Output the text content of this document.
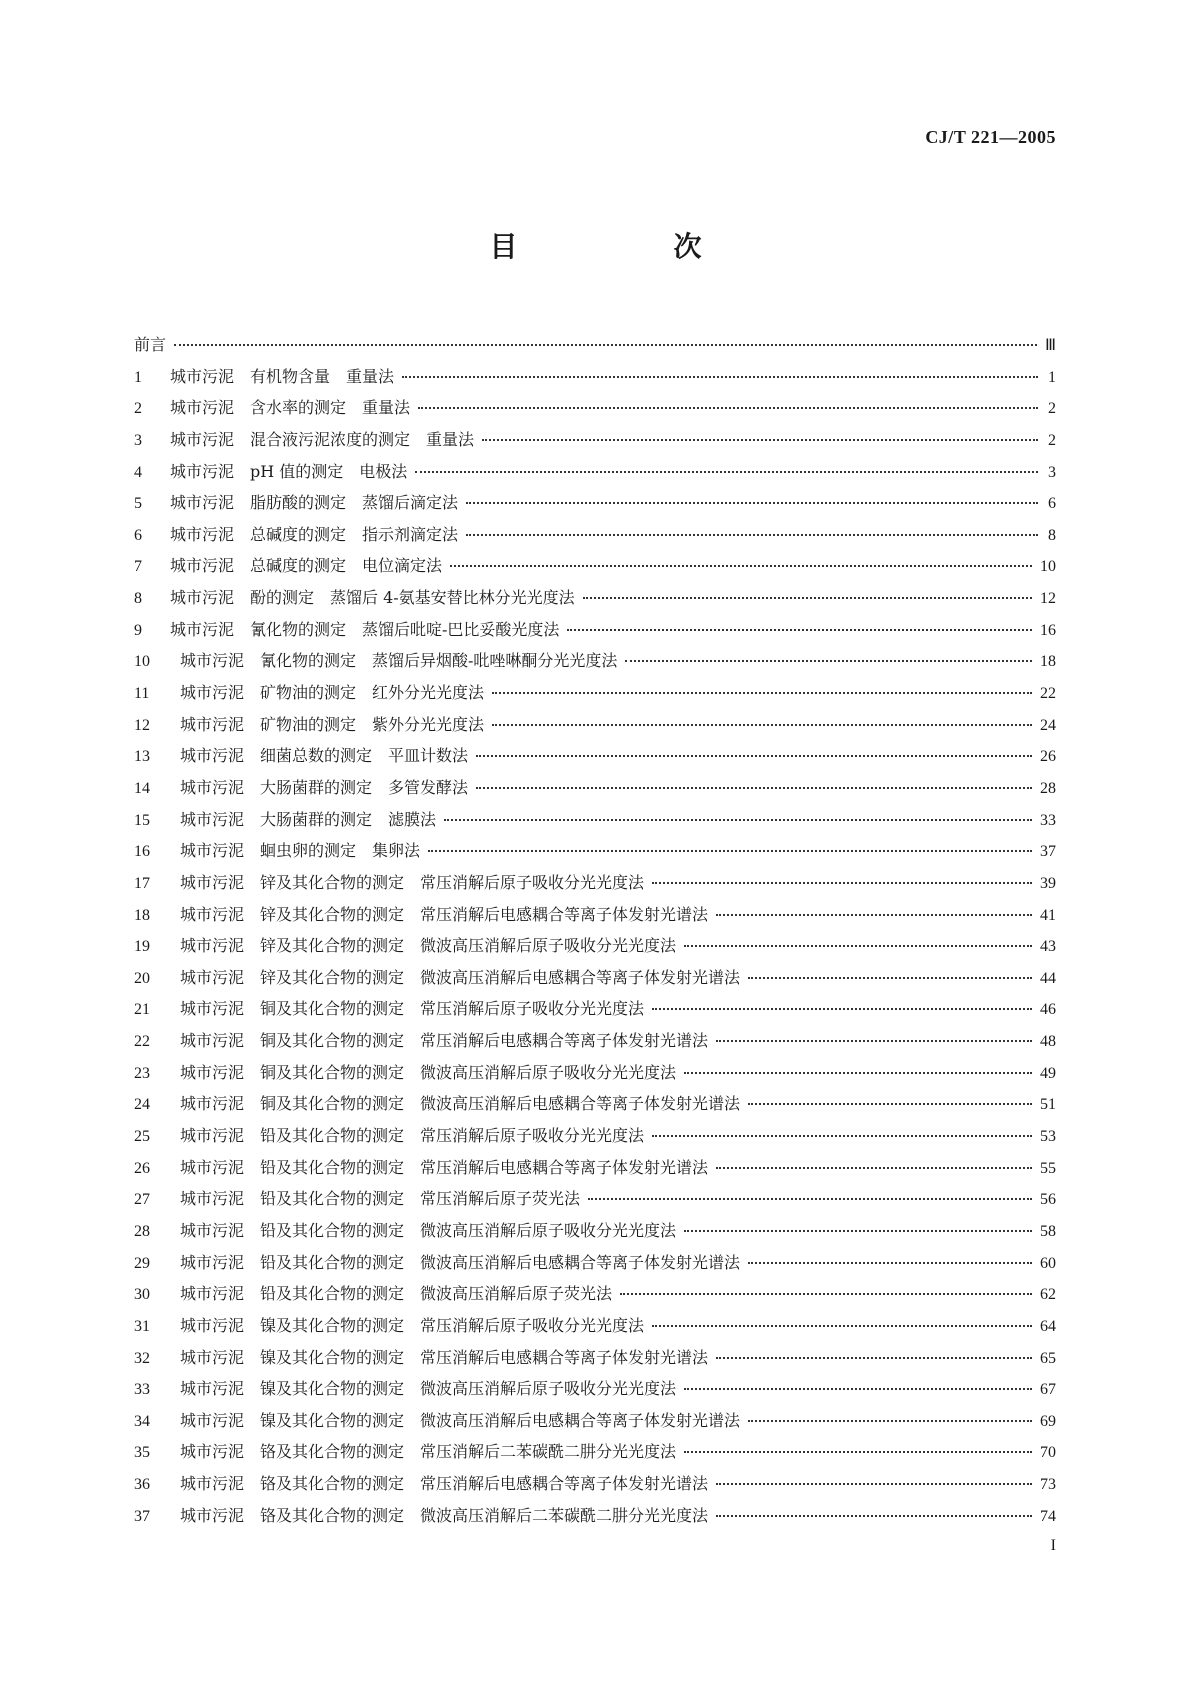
CJ/T 221—2005
目　次
前言	Ⅲ
1	城市污泥　有机物含量　重量法	1
2	城市污泥　含水率的测定　重量法	2
3	城市污泥　混合液污泥浓度的测定　重量法	2
4	城市污泥　pH 值的测定　电极法	3
5	城市污泥　脂肪酸的测定　蒸馏后滴定法	6
6	城市污泥　总碱度的测定　指示剂滴定法	8
7	城市污泥　总碱度的测定　电位滴定法	10
8	城市污泥　酚的测定　蒸馏后 4-氨基安替比林分光光度法	12
9	城市污泥　氰化物的测定　蒸馏后吡啶-巴比妥酸光度法	16
10	城市污泥　氰化物的测定　蒸馏后异烟酸-吡唑啉酮分光光度法	18
11	城市污泥　矿物油的测定　红外分光光度法	22
12	城市污泥　矿物油的测定　紫外分光光度法	24
13	城市污泥　细菌总数的测定　平皿计数法	26
14	城市污泥　大肠菌群的测定　多管发酵法	28
15	城市污泥　大肠菌群的测定　滤膜法	33
16	城市污泥　蛔虫卵的测定　集卵法	37
17	城市污泥　锌及其化合物的测定　常压消解后原子吸收分光光度法	39
18	城市污泥　锌及其化合物的测定　常压消解后电感耦合等离子体发射光谱法	41
19	城市污泥　锌及其化合物的测定　微波高压消解后原子吸收分光光度法	43
20	城市污泥　锌及其化合物的测定　微波高压消解后电感耦合等离子体发射光谱法	44
21	城市污泥　铜及其化合物的测定　常压消解后原子吸收分光光度法	46
22	城市污泥　铜及其化合物的测定　常压消解后电感耦合等离子体发射光谱法	48
23	城市污泥　铜及其化合物的测定　微波高压消解后原子吸收分光光度法	49
24	城市污泥　铜及其化合物的测定　微波高压消解后电感耦合等离子体发射光谱法	51
25	城市污泥　铅及其化合物的测定　常压消解后原子吸收分光光度法	53
26	城市污泥　铅及其化合物的测定　常压消解后电感耦合等离子体发射光谱法	55
27	城市污泥　铅及其化合物的测定　常压消解后原子荧光法	56
28	城市污泥　铅及其化合物的测定　微波高压消解后原子吸收分光光度法	58
29	城市污泥　铅及其化合物的测定　微波高压消解后电感耦合等离子体发射光谱法	60
30	城市污泥　铅及其化合物的测定　微波高压消解后原子荧光法	62
31	城市污泥　镍及其化合物的测定　常压消解后原子吸收分光光度法	64
32	城市污泥　镍及其化合物的测定　常压消解后电感耦合等离子体发射光谱法	65
33	城市污泥　镍及其化合物的测定　微波高压消解后原子吸收分光光度法	67
34	城市污泥　镍及其化合物的测定　微波高压消解后电感耦合等离子体发射光谱法	69
35	城市污泥　铬及其化合物的测定　常压消解后二苯碳酰二肼分光光度法	70
36	城市污泥　铬及其化合物的测定　常压消解后电感耦合等离子体发射光谱法	73
37	城市污泥　铬及其化合物的测定　微波高压消解后二苯碳酰二肼分光光度法	74
I
